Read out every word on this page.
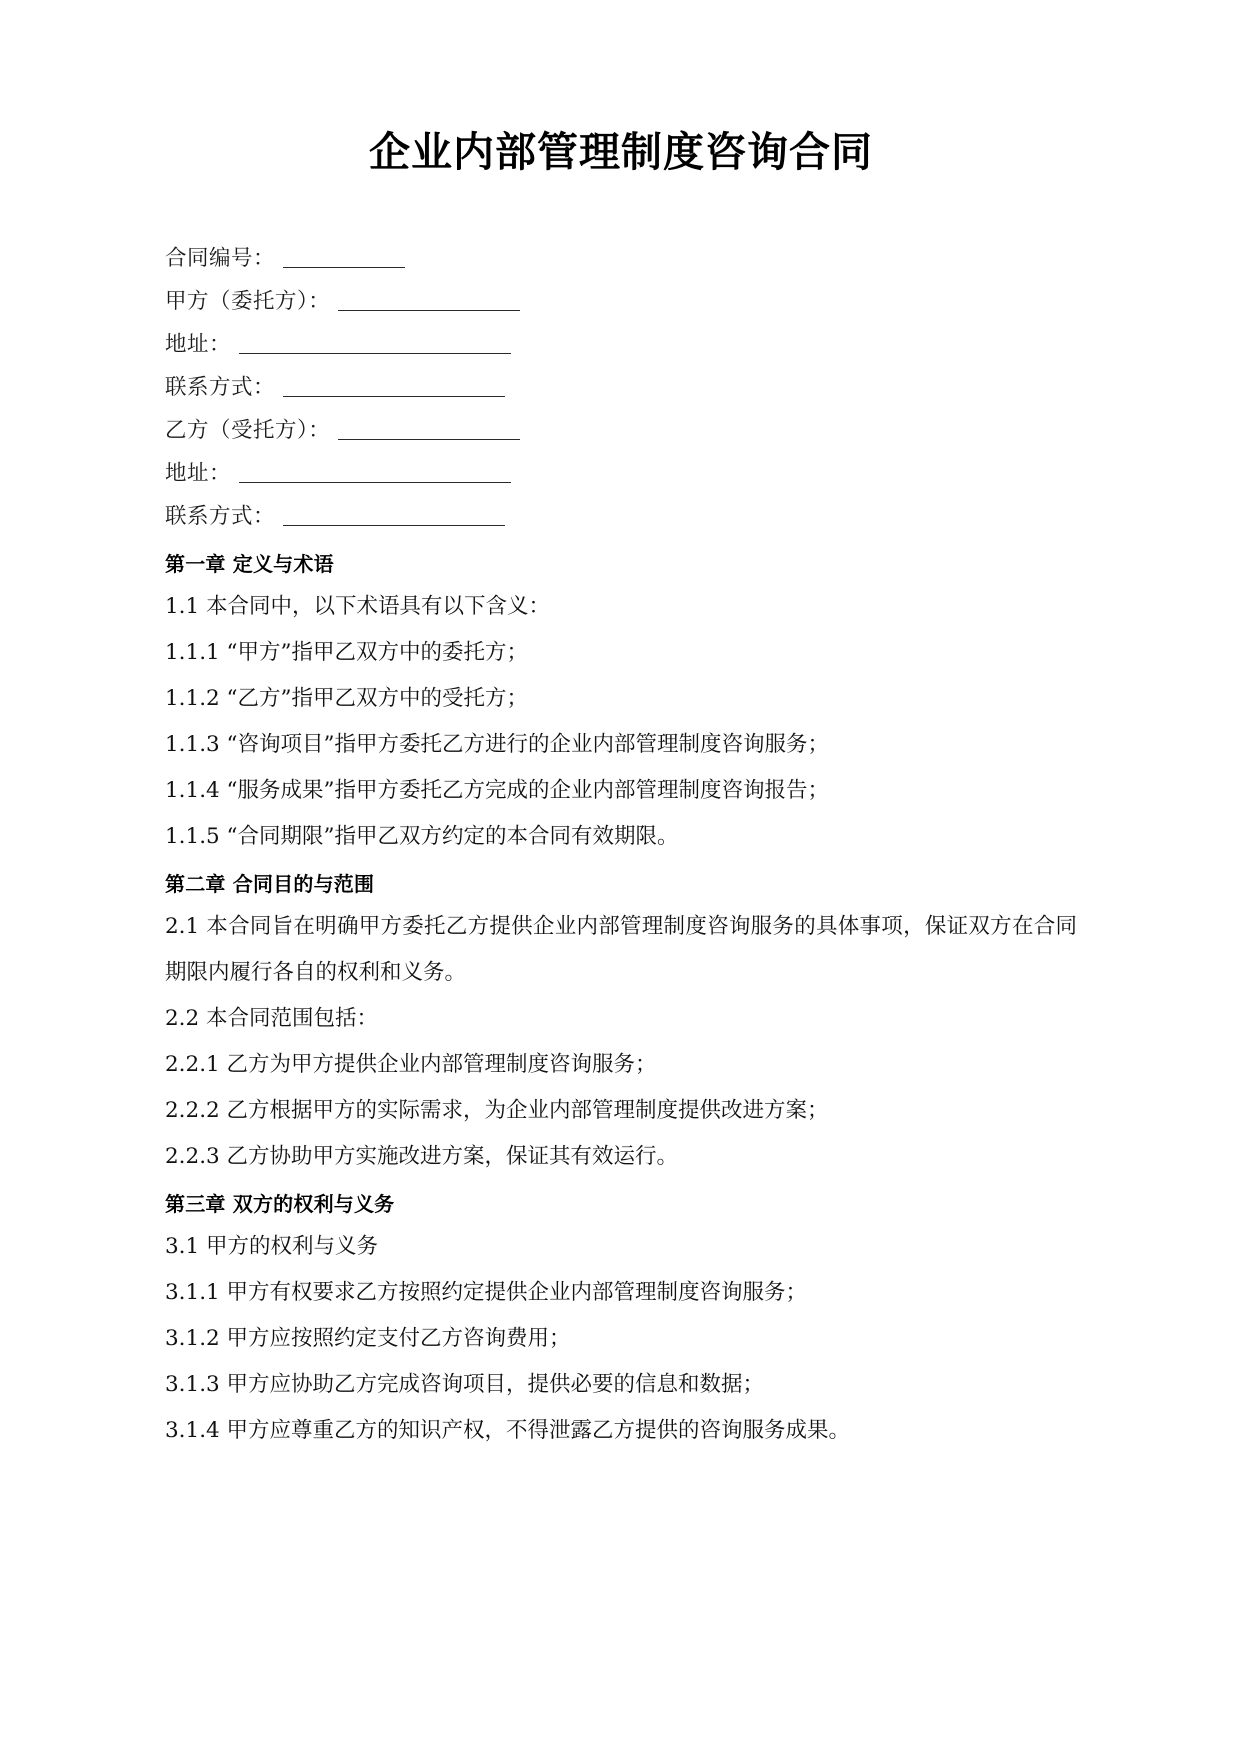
企业内部管理制度咨询合同
合同编号：
甲方（委托方）：
地址：
联系方式：
乙方（受托方）：
地址：
联系方式：
第一章 定义与术语

1.1 本合同中，以下术语具有以下含义：

1.1.1 “甲方”指甲乙双方中的委托方；

1.1.2 “乙方”指甲乙双方中的受托方；

1.1.3 “咨询项目”指甲方委托乙方进行的企业内部管理制度咨询服务；

1.1.4 “服务成果”指甲方委托乙方完成的企业内部管理制度咨询报告；

1.1.5 “合同期限”指甲乙双方约定的本合同有效期限。

第二章 合同目的与范围

2.1 本合同旨在明确甲方委托乙方提供企业内部管理制度咨询服务的具体事项，保证双方在合同期限内履行各自的权利和义务。

2.2 本合同范围包括：

2.2.1 乙方为甲方提供企业内部管理制度咨询服务；

2.2.2 乙方根据甲方的实际需求，为企业内部管理制度提供改进方案；

2.2.3 乙方协助甲方实施改进方案，保证其有效运行。

第三章 双方的权利与义务

3.1 甲方的权利与义务

3.1.1 甲方有权要求乙方按照约定提供企业内部管理制度咨询服务；

3.1.2 甲方应按照约定支付乙方咨询费用；

3.1.3 甲方应协助乙方完成咨询项目，提供必要的信息和数据；

3.1.4 甲方应尊重乙方的知识产权，不得泄露乙方提供的咨询服务成果。
